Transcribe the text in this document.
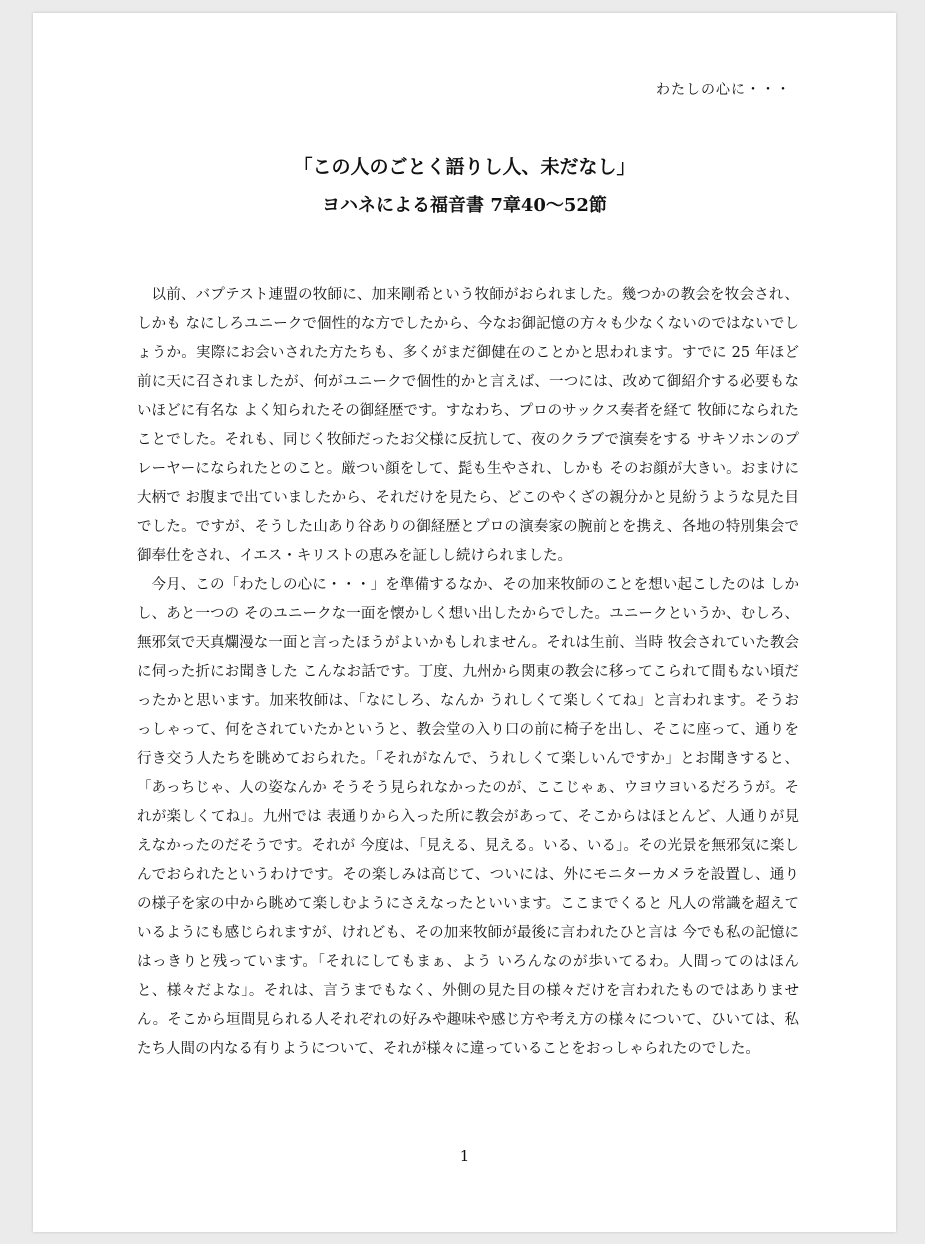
わたしの心に・・・
「この人のごとく語りし人、未だなし」
ヨハネによる福音書 7章40～52節

以前、バプテスト連盟の牧師に、加来剛希という牧師がおられました。幾つかの教会を牧会され、しかも なにしろユニークで個性的な方でしたから、今なお御記憶の方々も少なくないのではないでしょうか。実際にお会いされた方たちも、多くがまだ御健在のことかと思われます。すでに 25 年ほど前に天に召されましたが、何がユニークで個性的かと言えば、一つには、改めて御紹介する必要もないほどに有名な よく知られたその御経歴です。すなわち、プロのサックス奏者を経て 牧師になられたことでした。それも、同じく牧師だったお父様に反抗して、夜のクラブで演奏をする サキソホンのプレーヤーになられたとのこと。厳つい顔をして、髭も生やされ、しかも そのお顔が大きい。おまけに大柄で お腹まで出ていましたから、それだけを見たら、どこのやくざの親分かと見紛うような見た目でした。ですが、そうした山あり谷ありの御経歴とプロの演奏家の腕前とを携え、各地の特別集会で御奉仕をされ、イエス・キリストの恵みを証しし続けられました。

今月、この「わたしの心に・・・」を準備するなか、その加来牧師のことを想い起こしたのは しかし、あと一つの そのユニークな一面を懐かしく想い出したからでした。ユニークというか、むしろ、無邪気で天真爛漫な一面と言ったほうがよいかもしれません。それは生前、当時 牧会されていた教会に伺った折にお聞きした こんなお話です。丁度、九州から関東の教会に移ってこられて間もない頃だったかと思います。加来牧師は、「なにしろ、なんか うれしくて楽しくてね」と言われます。そうおっしゃって、何をされていたかというと、教会堂の入り口の前に椅子を出し、そこに座って、通りを行き交う人たちを眺めておられた。「それがなんで、うれしくて楽しいんですか」とお聞きすると、「あっちじゃ、人の姿なんか そうそう見られなかったのが、ここじゃぁ、ウヨウヨいるだろうが。それが楽しくてね」。九州では 表通りから入った所に教会があって、そこからはほとんど、人通りが見えなかったのだそうです。それが 今度は、「見える、見える。いる、いる」。その光景を無邪気に楽しんでおられたというわけです。その楽しみは高じて、ついには、外にモニターカメラを設置し、通りの様子を家の中から眺めて楽しむようにさえなったといいます。ここまでくると 凡人の常識を超えているようにも感じられますが、けれども、その加来牧師が最後に言われたひと言は 今でも私の記憶にはっきりと残っています。「それにしてもまぁ、よう いろんなのが歩いてるわ。人間ってのはほんと、様々だよな」。それは、言うまでもなく、外側の見た目の様々だけを言われたものではありません。そこから垣間見られる人それぞれの好みや趣味や感じ方や考え方の様々について、ひいては、私たち人間の内なる有りようについて、それが様々に違っていることをおっしゃられたのでした。

1
